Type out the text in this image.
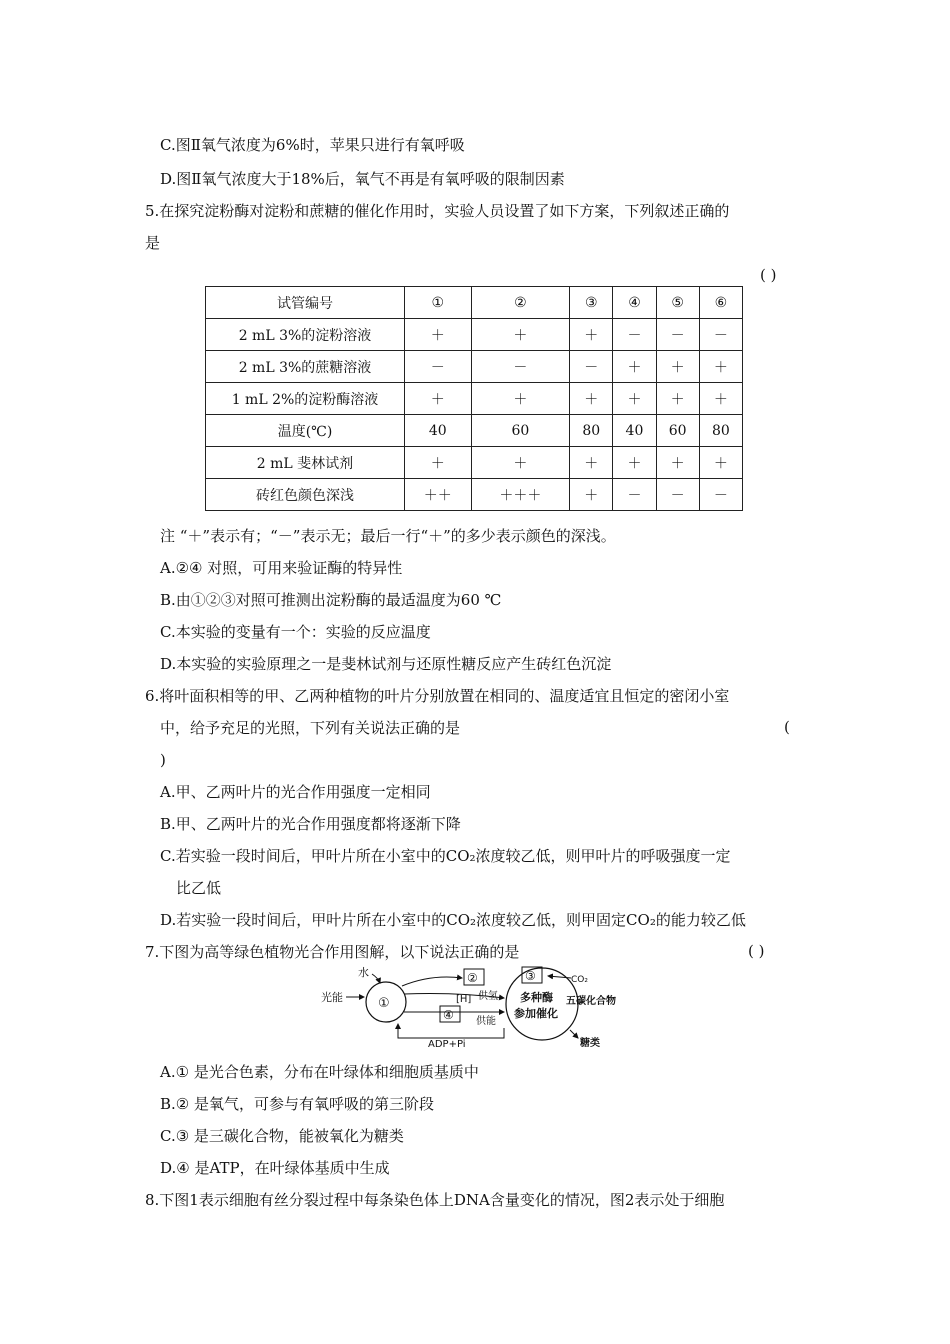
C.图Ⅱ氧气浓度为6%时，苹果只进行有氧呼吸
D.图Ⅱ氧气浓度大于18%后，氧气不再是有氧呼吸的限制因素
5.在探究淀粉酶对淀粉和蔗糖的催化作用时，实验人员设置了如下方案，下列叙述正确的
是
( )
试管编号	①	②	③	④	⑤	⑥
2 mL 3%的淀粉溶液	＋	＋	＋	－	－	－
2 mL 3%的蔗糖溶液	－	－	－	＋	＋	＋
1 mL 2%的淀粉酶溶液	＋	＋	＋	＋	＋	＋
温度(℃)	40	60	80	40	60	80
2 mL 斐林试剂	＋	＋	＋	＋	＋	＋
砖红色颜色深浅	＋＋	＋＋＋	＋	－	－	－
注 “＋”表示有；“－”表示无；最后一行“＋”的多少表示颜色的深浅。
A.②④ 对照，可用来验证酶的特异性
B.由①②③对照可推测出淀粉酶的最适温度为60 ℃
C.本实验的变量有一个：实验的反应温度
D.本实验的实验原理之一是斐林试剂与还原性糖反应产生砖红色沉淀
6.将叶面积相等的甲、乙两种植物的叶片分别放置在相同的、温度适宜且恒定的密闭小室
中，给予充足的光照，下列有关说法正确的是	(
)
A.甲、乙两叶片的光合作用强度一定相同
B.甲、乙两叶片的光合作用强度都将逐渐下降
C.若实验一段时间后，甲叶片所在小室中的CO₂浓度较乙低，则甲叶片的呼吸强度一定
比乙低
D.若实验一段时间后，甲叶片所在小室中的CO₂浓度较乙低，则甲固定CO₂的能力较乙低
7.下图为高等绿色植物光合作用图解，以下说法正确的是	( )
①
水
光能
②
[H] 供氢
④ 供能
ADP+Pi
③	CO₂
多种酶
参加催化
五碳化合物
糖类
A.① 是光合色素，分布在叶绿体和细胞质基质中
B.② 是氧气，可参与有氧呼吸的第三阶段
C.③ 是三碳化合物，能被氧化为糖类
D.④ 是ATP，在叶绿体基质中生成
8.下图1表示细胞有丝分裂过程中每条染色体上DNA含量变化的情况，图2表示处于细胞
